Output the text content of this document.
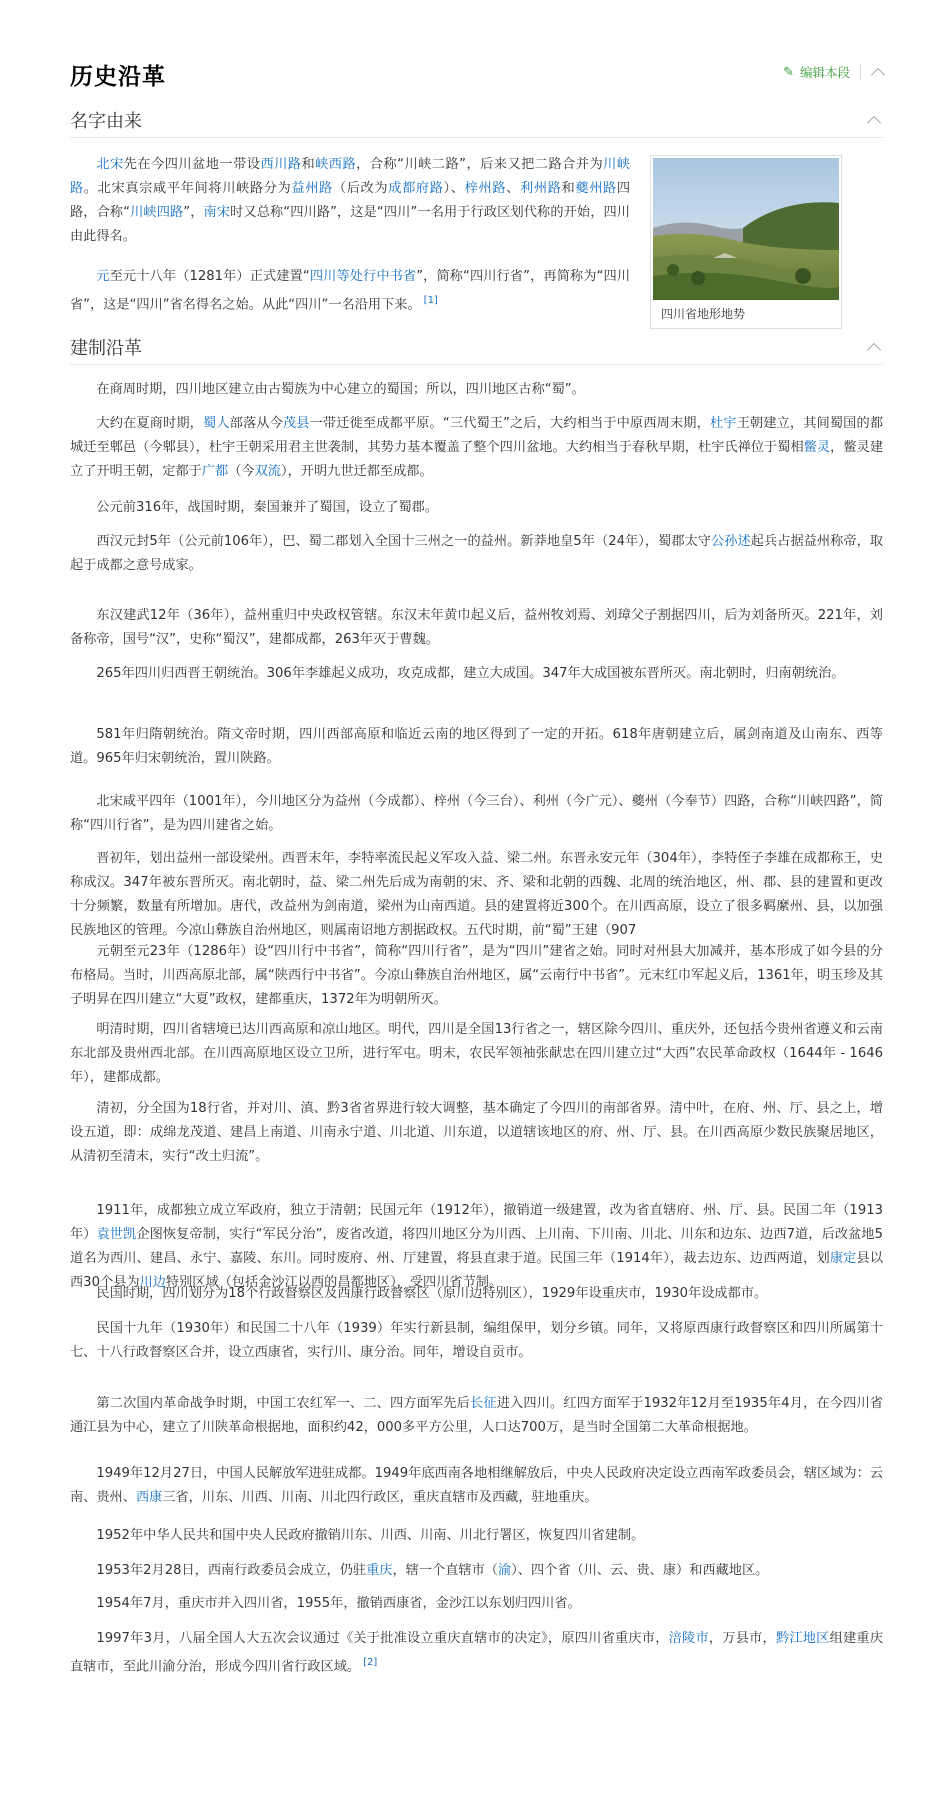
历史沿革	✎ 编辑本段
名字由来

北宋先在今四川盆地一带设西川路和峡西路，合称“川峡二路”，后来又把二路合并为川峡路。北宋真宗咸平年间将川峡路分为益州路（后改为成都府路）、梓州路、利州路和夔州路四路，合称“川峡四路”，南宋时又总称“四川路”，这是“四川”一名用于行政区划代称的开始，四川由此得名。

元至元十八年（1281年）正式建置“四川等处行中书省”，简称“四川行省”，再简称为“四川省”，这是“四川”省名得名之始。从此“四川”一名沿用下来。 [1]

四川省地形地势
建制沿革

在商周时期，四川地区建立由古蜀族为中心建立的蜀国；所以，四川地区古称“蜀”。

大约在夏商时期，蜀人部落从今茂县一带迁徙至成都平原。“三代蜀王”之后，大约相当于中原西周末期，杜宇王朝建立，其间蜀国的都城迁至郫邑（今郫县），杜宇王朝采用君主世袭制，其势力基本覆盖了整个四川盆地。大约相当于春秋早期，杜宇氏禅位于蜀相鳖灵，鳖灵建立了开明王朝，定都于广都（今双流），开明九世迁都至成都。

公元前316年，战国时期，秦国兼并了蜀国，设立了蜀郡。

西汉元封5年（公元前106年），巴、蜀二郡划入全国十三州之一的益州。新莽地皇5年（24年），蜀郡太守公孙述起兵占据益州称帝，取起于成都之意号成家。

东汉建武12年（36年），益州重归中央政权管辖。东汉末年黄巾起义后，益州牧刘焉、刘璋父子割据四川，后为刘备所灭。221年，刘备称帝，国号“汉”，史称“蜀汉”，建都成都，263年灭于曹魏。

265年四川归西晋王朝统治。306年李雄起义成功，攻克成都，建立大成国。347年大成国被东晋所灭。南北朝时，归南朝统治。

581年归隋朝统治。隋文帝时期，四川西部高原和临近云南的地区得到了一定的开拓。618年唐朝建立后，属剑南道及山南东、西等道。965年归宋朝统治，置川陕路。

北宋咸平四年（1001年），今川地区分为益州（今成都）、梓州（今三台）、利州（今广元）、夔州（今奉节）四路，合称“川峡四路”，简称“四川行省”，是为四川建省之始。

晋初年，划出益州一部设梁州。西晋末年，李特率流民起义军攻入益、梁二州。东晋永安元年（304年），李特侄子李雄在成都称王，史称成汉。347年被东晋所灭。南北朝时，益、梁二州先后成为南朝的宋、齐、梁和北朝的西魏、北周的统治地区，州、郡、县的建置和更改十分频繁，数量有所增加。唐代，改益州为剑南道，梁州为山南西道。县的建置将近300个。在川西高原，设立了很多羁縻州、县，以加强民族地区的管理。今凉山彝族自治州地区，则属南诏地方割据政权。五代时期，前“蜀”王建（907

元朝至元23年（1286年）设“四川行中书省”，简称“四川行省”，是为“四川”建省之始。同时对州县大加减并，基本形成了如今县的分布格局。当时，川西高原北部，属“陕西行中书省”。今凉山彝族自治州地区，属“云南行中书省”。元末红巾军起义后，1361年，明玉珍及其子明昇在四川建立“大夏”政权，建都重庆，1372年为明朝所灭。

明清时期，四川省辖境已达川西高原和凉山地区。明代，四川是全国13行省之一，辖区除今四川、重庆外，还包括今贵州省遵义和云南东北部及贵州西北部。在川西高原地区设立卫所，进行军屯。明末，农民军领袖张献忠在四川建立过“大西”农民革命政权（1644年 - 1646年），建都成都。

清初，分全国为18行省，并对川、滇、黔3省省界进行较大调整，基本确定了今四川的南部省界。清中叶，在府、州、厅、县之上，增设五道，即：成绵龙茂道、建昌上南道、川南永宁道、川北道、川东道，以道辖该地区的府、州、厅、县。在川西高原少数民族聚居地区，从清初至清末，实行“改土归流”。

1911年，成都独立成立军政府，独立于清朝；民国元年（1912年），撤销道一级建置，改为省直辖府、州、厅、县。民国二年（1913年）袁世凯企图恢复帝制，实行“军民分治”，废省改道，将四川地区分为川西、上川南、下川南、川北、川东和边东、边西7道，后改盆地5道名为西川、建昌、永宁、嘉陵、东川。同时废府、州、厅建置，将县直隶于道。民国三年（1914年），裁去边东、边西两道，划康定县以西30个县为川边特别区域（包括金沙江以西的昌都地区），受四川省节制。

民国时期，四川划分为18个行政督察区及西康行政督察区（原川边特别区），1929年设重庆市，1930年设成都市。

民国十九年（1930年）和民国二十八年（1939）年实行新县制，编组保甲，划分乡镇。同年，又将原西康行政督察区和四川所属第十七、十八行政督察区合并，设立西康省，实行川、康分治。同年，增设自贡市。

第二次国内革命战争时期，中国工农红军一、二、四方面军先后长征进入四川。红四方面军于1932年12月至1935年4月，在今四川省通江县为中心，建立了川陕革命根据地，面积约42，000多平方公里，人口达700万，是当时全国第二大革命根据地。

1949年12月27日，中国人民解放军进驻成都。1949年底西南各地相继解放后，中央人民政府决定设立西南军政委员会，辖区域为：云南、贵州、西康三省，川东、川西、川南、川北四行政区，重庆直辖市及西藏，驻地重庆。

1952年中华人民共和国中央人民政府撤销川东、川西、川南、川北行署区，恢复四川省建制。

1953年2月28日，西南行政委员会成立，仍驻重庆，辖一个直辖市（渝）、四个省（川、云、贵、康）和西藏地区。

1954年7月，重庆市并入四川省，1955年，撤销西康省，金沙江以东划归四川省。

1997年3月，八届全国人大五次会议通过《关于批准设立重庆直辖市的决定》，原四川省重庆市，涪陵市，万县市，黔江地区组建重庆直辖市，至此川渝分治，形成今四川省行政区域。 [2]
